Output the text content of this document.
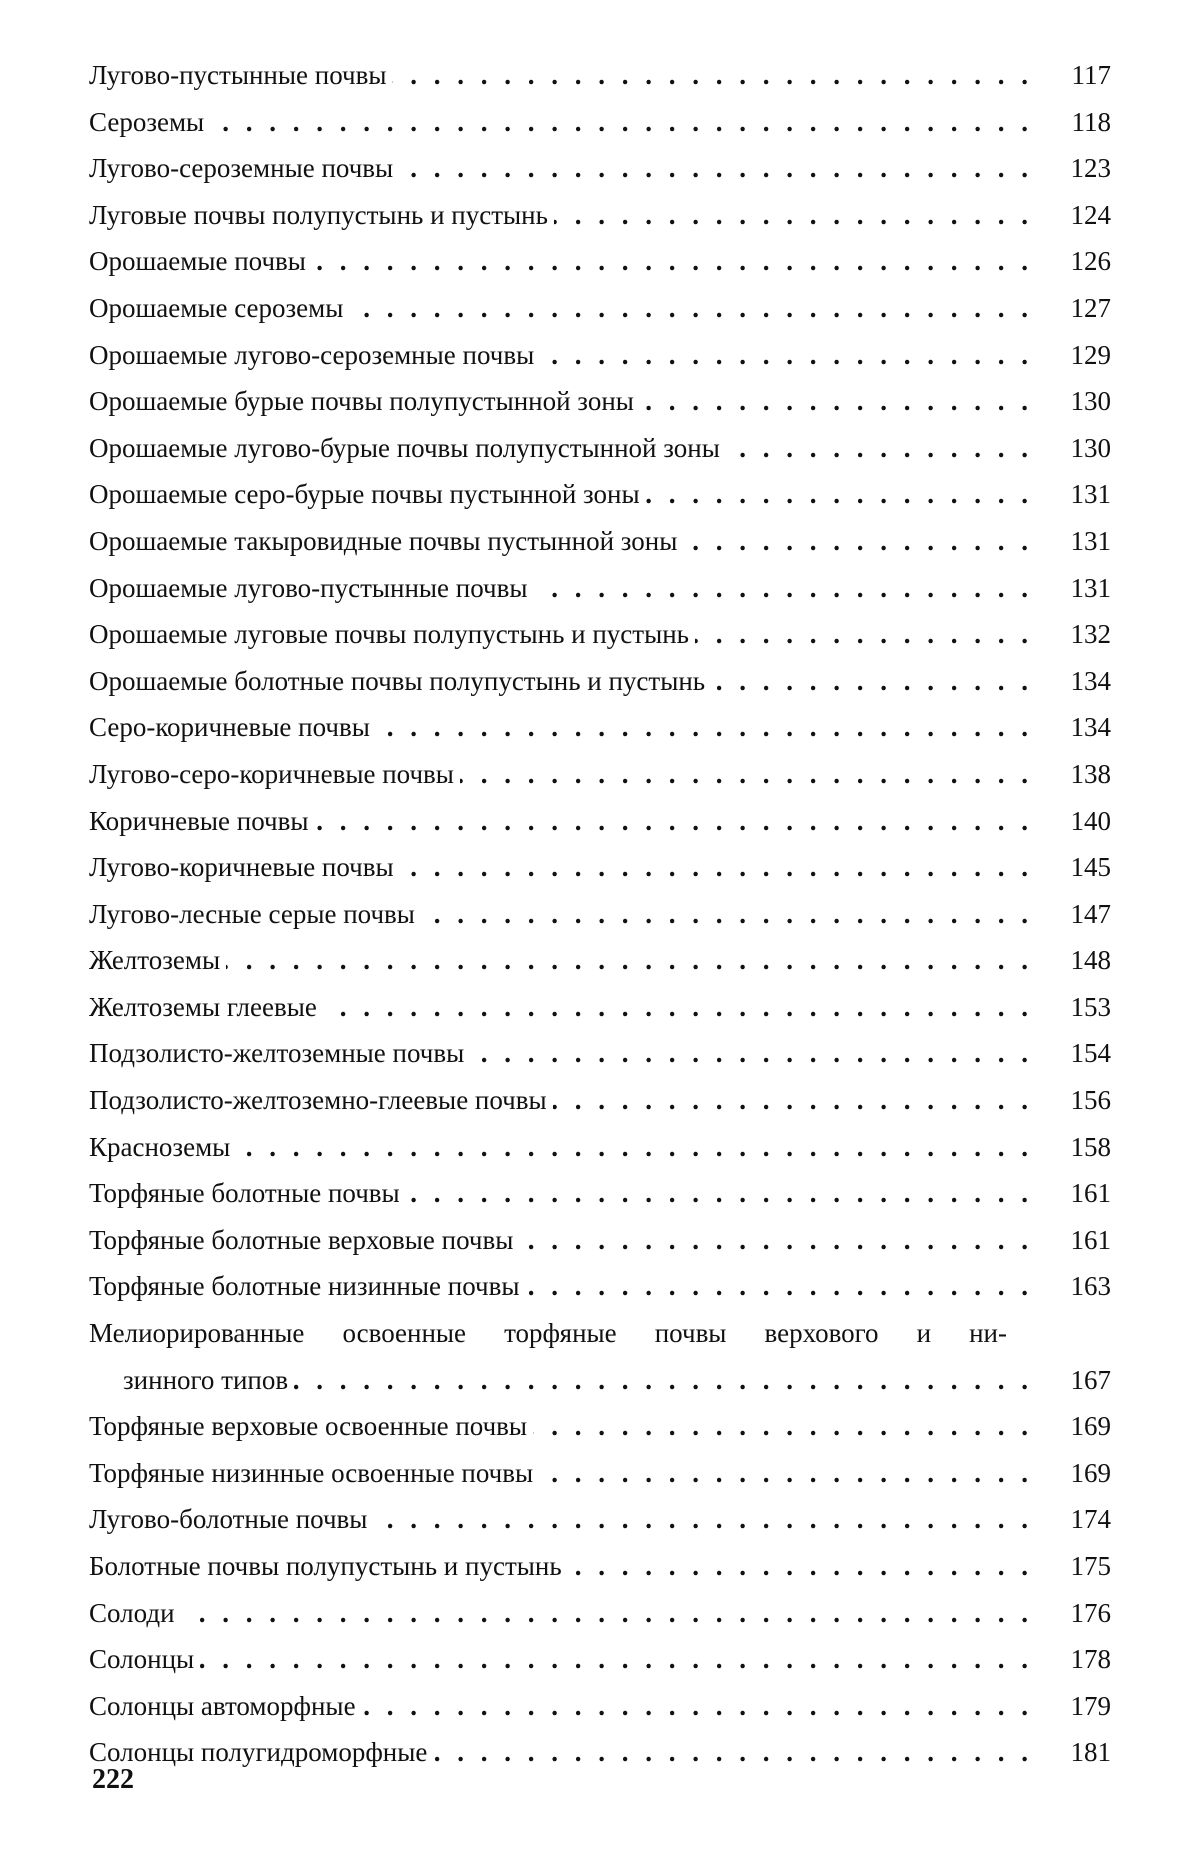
Лугово-пустынные почвы . . .	117
Сероземы . . .	118
Лугово-сероземные почвы . . .	123
Луговые почвы полупустынь и пустынь . . .	124
Орошаемые почвы . . .	126
Орошаемые сероземы . . .	127
Орошаемые лугово-сероземные почвы . . .	129
Орошаемые бурые почвы полупустынной зоны . . .	130
Орошаемые лугово-бурые почвы полупустынной зоны . . .	130
Орошаемые серо-бурые почвы пустынной зоны . . .	131
Орошаемые такыровидные почвы пустынной зоны . . .	131
Орошаемые лугово-пустынные почвы . . .	131
Орошаемые луговые почвы полупустынь и пустынь . . .	132
Орошаемые болотные почвы полупустынь и пустынь . . .	134
Серо-коричневые почвы . . .	134
Лугово-серо-коричневые почвы . . .	138
Коричневые почвы . . .	140
Лугово-коричневые почвы . . .	145
Лугово-лесные серые почвы . . .	147
Желтоземы . . .	148
Желтоземы глеевые . . .	153
Подзолисто-желтоземные почвы . . .	154
Подзолисто-желтоземно-глеевые почвы . . .	156
Красноземы . . .	158
Торфяные болотные почвы . . .	161
Торфяные болотные верховые почвы . . .	161
Торфяные болотные низинные почвы . . .	163
Мелиорированные освоенные торфяные почвы верхового и ни-
зинного типов . . .	167
Торфяные верховые освоенные почвы . . .	169
Торфяные низинные освоенные почвы . . .	169
Лугово-болотные почвы . . .	174
Болотные почвы полупустынь и пустынь . . .	175
Солоди . . .	176
Солонцы . . .	178
Солонцы автоморфные . . .	179
Солонцы полугидроморфные . . .	181
222
